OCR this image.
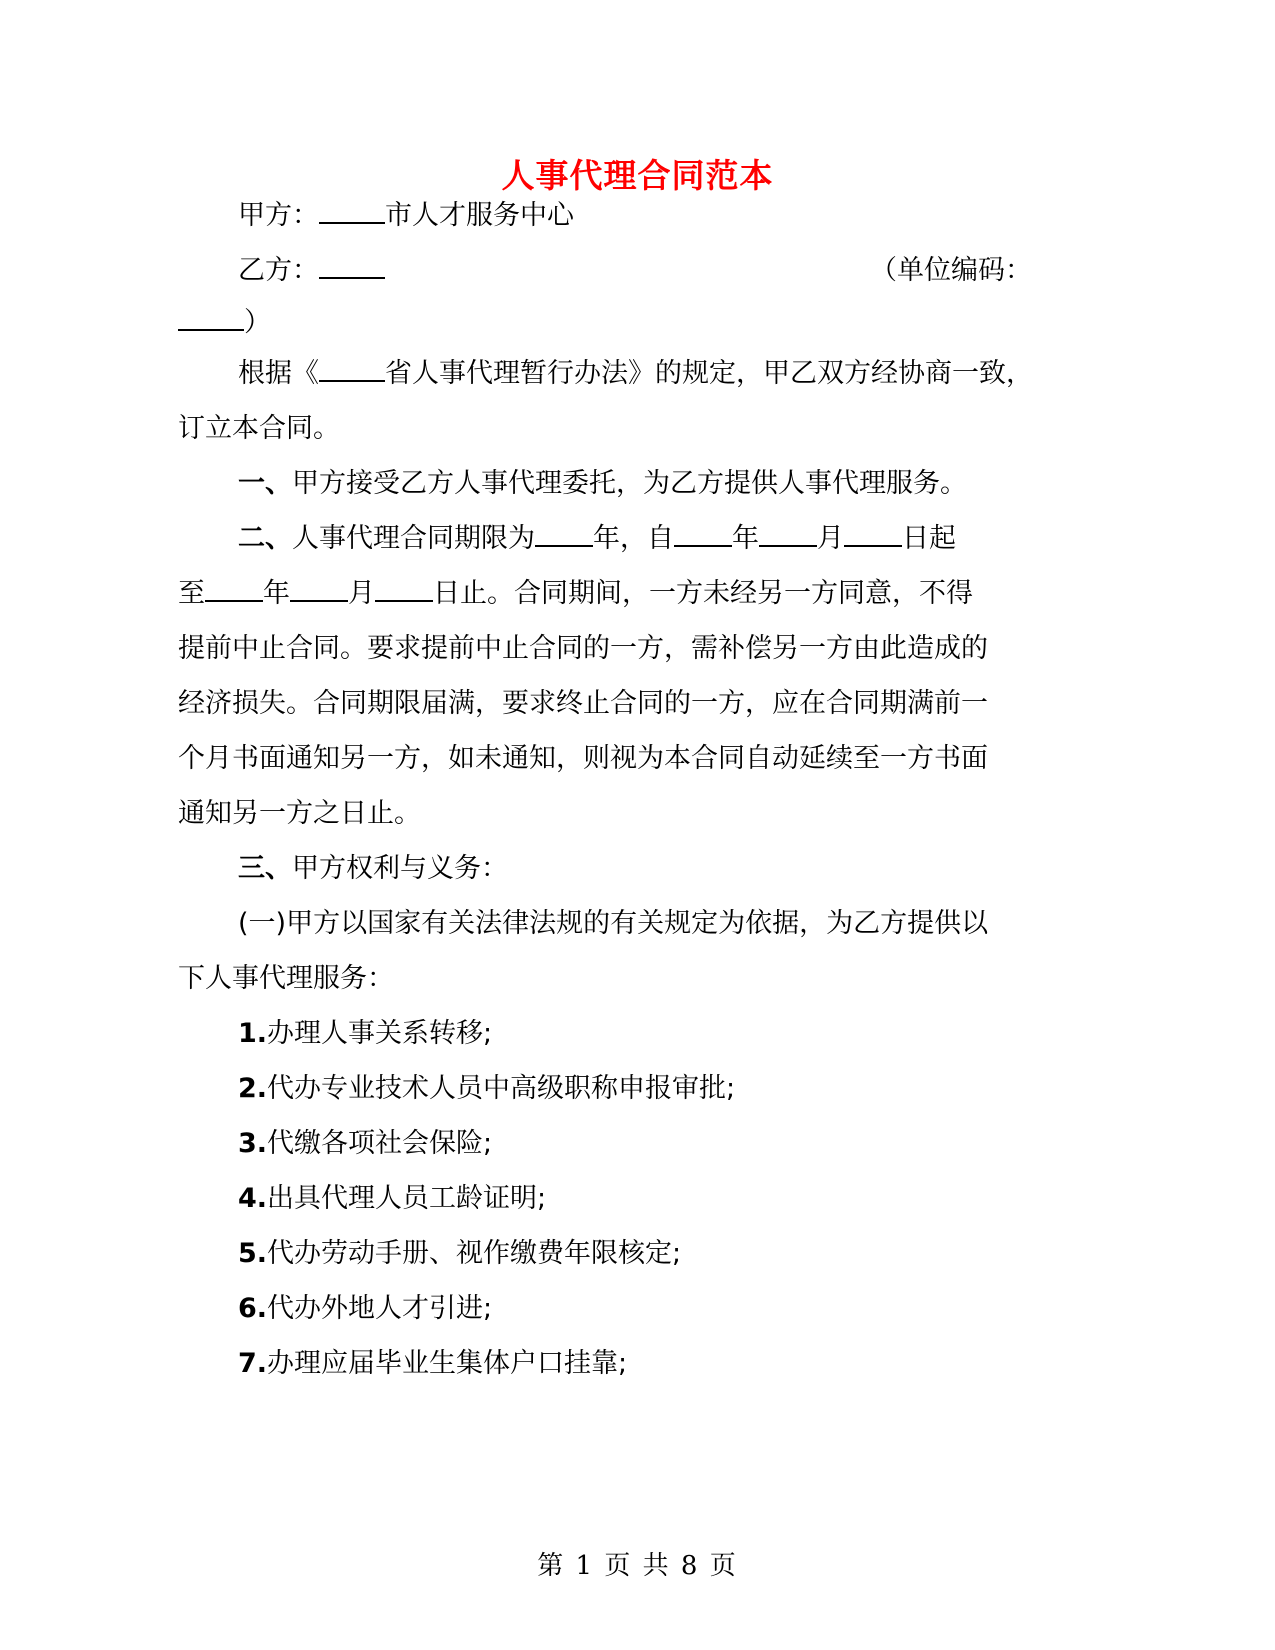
人事代理合同范本
甲方： 市人才服务中心
乙方：	（单位编码：
）
根据《 省人事代理暂行办法》的规定，甲乙双方经协商一致，
订立本合同。
一、甲方接受乙方人事代理委托，为乙方提供人事代理服务。
二、人事代理合同期限为 年，自 年 月 日起
至 年 月 日止。合同期间，一方未经另一方同意，不得
提前中止合同。要求提前中止合同的一方，需补偿另一方由此造成的
经济损失。合同期限届满，要求终止合同的一方，应在合同期满前一
个月书面通知另一方，如未通知，则视为本合同自动延续至一方书面
通知另一方之日止。
三、甲方权利与义务：
(一)甲方以国家有关法律法规的有关规定为依据，为乙方提供以
下人事代理服务：
1.办理人事关系转移;
2.代办专业技术人员中高级职称申报审批;
3.代缴各项社会保险;
4.出具代理人员工龄证明;
5.代办劳动手册、视作缴费年限核定;
6.代办外地人才引进;
7.办理应届毕业生集体户口挂靠;
第 1 页 共 8 页
